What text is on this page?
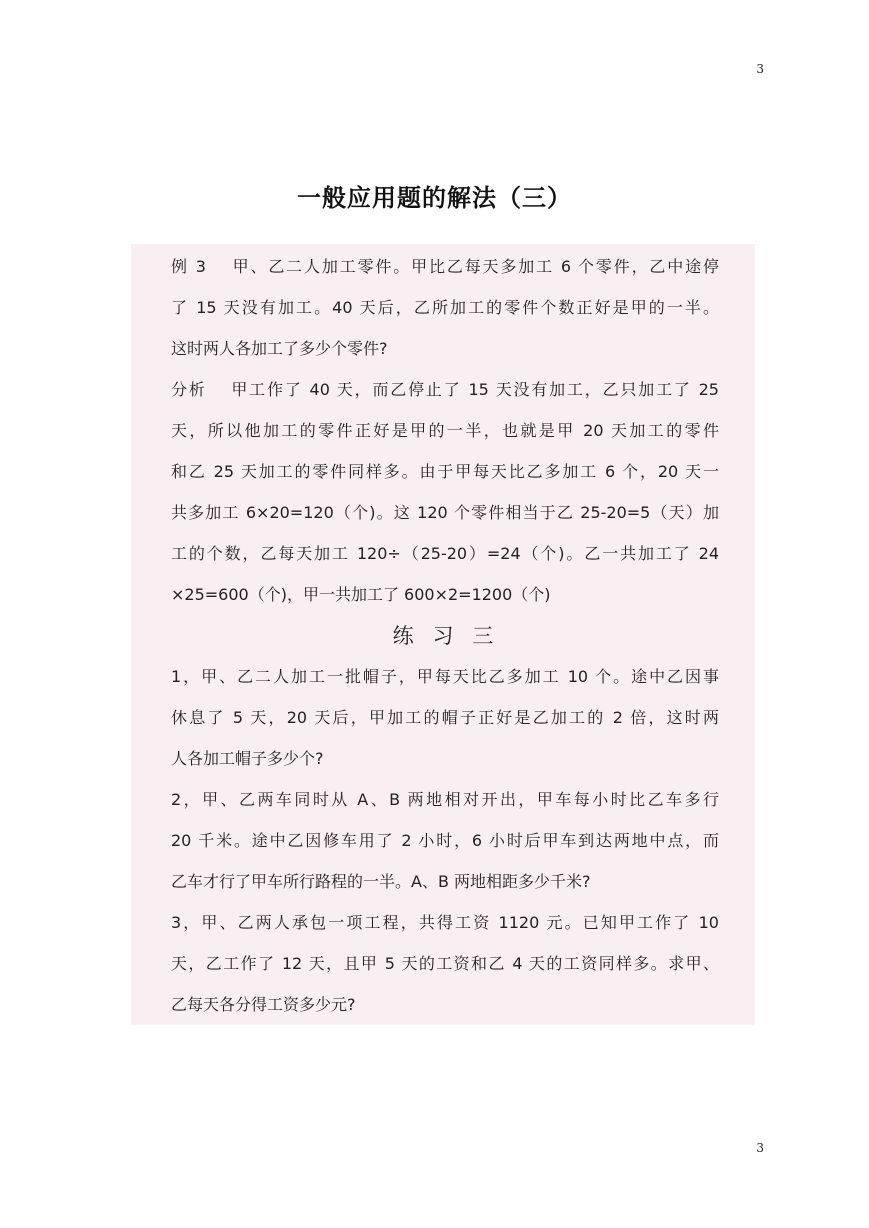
3
一般应用题的解法（三）
例 3　 甲、乙二人加工零件。甲比乙每天多加工 6 个零件，乙中途停
了 15 天没有加工。40 天后，乙所加工的零件个数正好是甲的一半。
这时两人各加工了多少个零件?
分析　 甲工作了 40 天，而乙停止了 15 天没有加工，乙只加工了 25
天，所以他加工的零件正好是甲的一半，也就是甲 20 天加工的零件
和乙 25 天加工的零件同样多。由于甲每天比乙多加工 6 个，20 天一
共多加工 6×20=120（个)。这 120 个零件相当于乙 25-20=5（天）加
工的个数，乙每天加工 120÷（25-20）=24（个)。乙一共加工了 24
×25=600（个)，甲一共加工了 600×2=1200（个)
练习三
1，甲、乙二人加工一批帽子，甲每天比乙多加工 10 个。途中乙因事
休息了 5 天，20 天后，甲加工的帽子正好是乙加工的 2 倍，这时两
人各加工帽子多少个?
2，甲、乙两车同时从 A、B 两地相对开出，甲车每小时比乙车多行
20 千米。途中乙因修车用了 2 小时，6 小时后甲车到达两地中点，而
乙车才行了甲车所行路程的一半。A、B 两地相距多少千米?
3，甲、乙两人承包一项工程，共得工资 1120 元。已知甲工作了 10
天，乙工作了 12 天，且甲 5 天的工资和乙 4 天的工资同样多。求甲、
乙每天各分得工资多少元?
3
